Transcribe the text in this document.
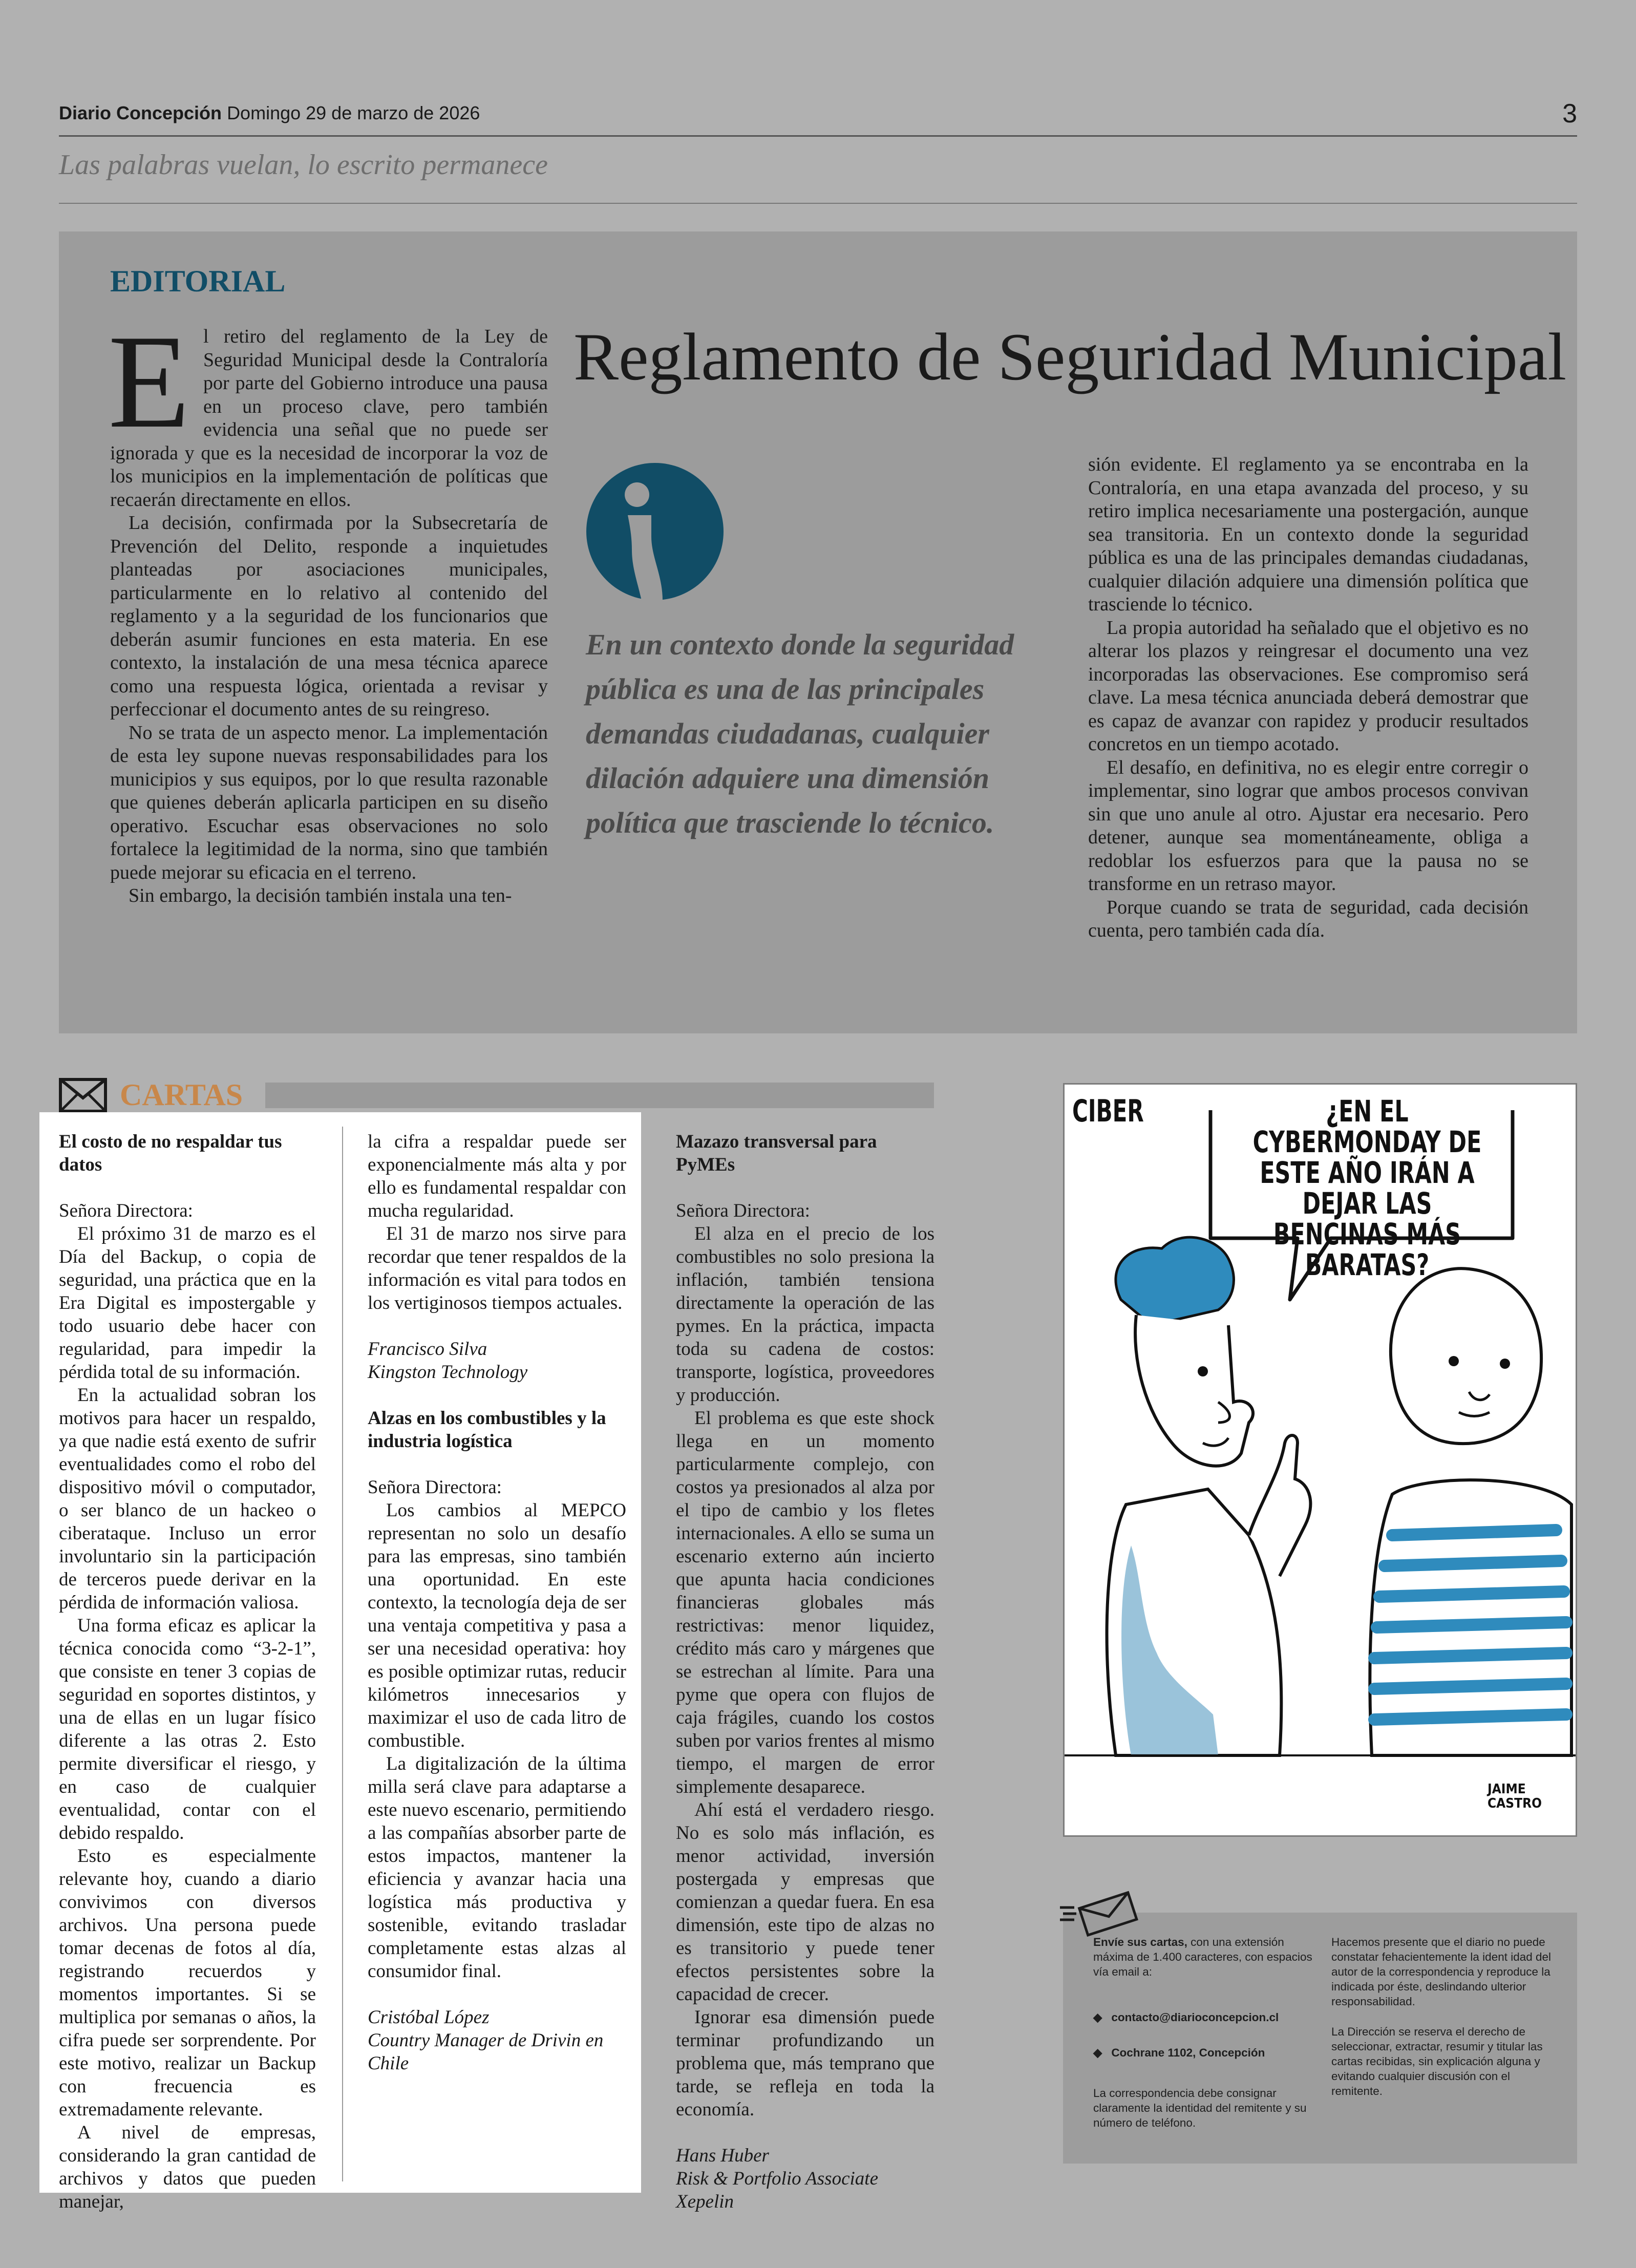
Diario Concepción Domingo 29 de marzo de 2026	3
Las palabras vuelan, lo escrito permanece
EDITORIAL
Reglamento de Seguridad Municipal

El retiro del reglamento de la Ley de Seguridad Municipal desde la Contraloría por parte del Gobierno introduce una pausa en un proceso clave, pero también evidencia una señal que no puede ser ignorada y que es la necesidad de incorporar la voz de los municipios en la implementación de políticas que recaerán directamente en ellos.

La decisión, confirmada por la Subsecretaría de Prevención del Delito, responde a inquietudes planteadas por asociaciones municipales, particularmente en lo relativo al contenido del reglamento y a la seguridad de los funcionarios que deberán asumir funciones en esta materia. En ese contexto, la instalación de una mesa técnica aparece como una respuesta lógica, orientada a revisar y perfeccionar el documento antes de su reingreso.

No se trata de un aspecto menor. La implementación de esta ley supone nuevas responsabilidades para los municipios y sus equipos, por lo que resulta razonable que quienes deberán aplicarla participen en su diseño operativo. Escuchar esas observaciones no solo fortalece la legitimidad de la norma, sino que también puede mejorar su eficacia en el terreno.

Sin embargo, la decisión también instala una ten-

En un contexto donde la seguridad pública es una de las principales demandas ciudadanas, cualquier dilación adquiere una dimensión política que trasciende lo técnico.

sión evidente. El reglamento ya se encontraba en la Contraloría, en una etapa avanzada del proceso, y su retiro implica necesariamente una postergación, aunque sea transitoria. En un contexto donde la seguridad pública es una de las principales demandas ciudadanas, cualquier dilación adquiere una dimensión política que trasciende lo técnico.

La propia autoridad ha señalado que el objetivo es no alterar los plazos y reingresar el documento una vez incorporadas las observaciones. Ese compromiso será clave. La mesa técnica anunciada deberá demostrar que es capaz de avanzar con rapidez y producir resultados concretos en un tiempo acotado.

El desafío, en definitiva, no es elegir entre corregir o implementar, sino lograr que ambos procesos convivan sin que uno anule al otro. Ajustar era necesario. Pero detener, aunque sea momentáneamente, obliga a redoblar los esfuerzos para que la pausa no se transforme en un retraso mayor.

Porque cuando se trata de seguridad, cada decisión cuenta, pero también cada día.

CARTAS

El costo de no respaldar tus datos

Señora Directora:

El próximo 31 de marzo es el Día del Backup, o copia de seguridad, una práctica que en la Era Digital es impostergable y todo usuario debe hacer con regularidad, para impedir la pérdida total de su información.

En la actualidad sobran los motivos para hacer un respaldo, ya que nadie está exento de sufrir eventualidades como el robo del dispositivo móvil o computador, o ser blanco de un hackeo o ciberataque. Incluso un error involuntario sin la participación de terceros puede derivar en la pérdida de información valiosa.

Una forma eficaz es aplicar la técnica conocida como “3-2-1”, que consiste en tener 3 copias de seguridad en soportes distintos, y una de ellas en un lugar físico diferente a las otras 2. Esto permite diversificar el riesgo, y en caso de cualquier eventualidad, contar con el debido respaldo.

Esto es especialmente relevante hoy, cuando a diario convivimos con diversos archivos. Una persona puede tomar decenas de fotos al día, registrando recuerdos y momentos importantes. Si se multiplica por semanas o años, la cifra puede ser sorprendente. Por este motivo, realizar un Backup con frecuencia es extremadamente relevante.

A nivel de empresas, considerando la gran cantidad de archivos y datos que pueden manejar,

la cifra a respaldar puede ser exponencialmente más alta y por ello es fundamental respaldar con mucha regularidad.

El 31 de marzo nos sirve para recordar que tener respaldos de la información es vital para todos en los vertiginosos tiempos actuales.

Francisco Silva

Kingston Technology

Alzas en los combustibles y la industria logística

Señora Directora:

Los cambios al MEPCO representan no solo un desafío para las empresas, sino también una oportunidad. En este contexto, la tecnología deja de ser una ventaja competitiva y pasa a ser una necesidad operativa: hoy es posible optimizar rutas, reducir kilómetros innecesarios y maximizar el uso de cada litro de combustible.

La digitalización de la última milla será clave para adaptarse a este nuevo escenario, permitiendo a las compañías absorber parte de estos impactos, mantener la eficiencia y avanzar hacia una logística más productiva y sostenible, evitando trasladar completamente estas alzas al consumidor final.

Cristóbal López

Country Manager de Drivin en Chile

Mazazo transversal para PyMEs

Señora Directora:

El alza en el precio de los combustibles no solo presiona la inflación, también tensiona directamente la operación de las pymes. En la práctica, impacta toda su cadena de costos: transporte, logística, proveedores y producción.

El problema es que este shock llega en un momento particularmente complejo, con costos ya presionados al alza por el tipo de cambio y los fletes internacionales. A ello se suma un escenario externo aún incierto que apunta hacia condiciones financieras globales más restrictivas: menor liquidez, crédito más caro y márgenes que se estrechan al límite. Para una pyme que opera con flujos de caja frágiles, cuando los costos suben por varios frentes al mismo tiempo, el margen de error simplemente desaparece.

Ahí está el verdadero riesgo. No es solo más inflación, es menor actividad, inversión postergada y empresas que comienzan a quedar fuera. En esa dimensión, este tipo de alzas no es transitorio y puede tener efectos persistentes sobre la capacidad de crecer.

Ignorar esa dimensión puede terminar profundizando un problema que, más temprano que tarde, se refleja en toda la economía.

Hans Huber

Risk & Portfolio Associate Xepelin

CIBER	¿EN EL CYBERMONDAY DE ESTE AÑO IRÁN A DEJAR LAS BENCINAS MÁS BARATAS?
JAIME CASTRO
Envíe sus cartas, con una extensión máxima de 1.400 caracteres, con espacios vía email a:
◆ contacto@diarioconcepcion.cl
◆ Cochrane 1102, Concepción
La correspondencia debe consignar claramente la identidad del remitente y su número de teléfono.
Hacemos presente que el diario no puede constatar fehacientemente la ident idad del autor de la correspondencia y reproduce la indicada por éste, deslindando ulterior responsabilidad.
La Dirección se reserva el derecho de seleccionar, extractar, resumir y titular las cartas recibidas, sin explicación alguna y evitando cualquier discusión con el remitente.
